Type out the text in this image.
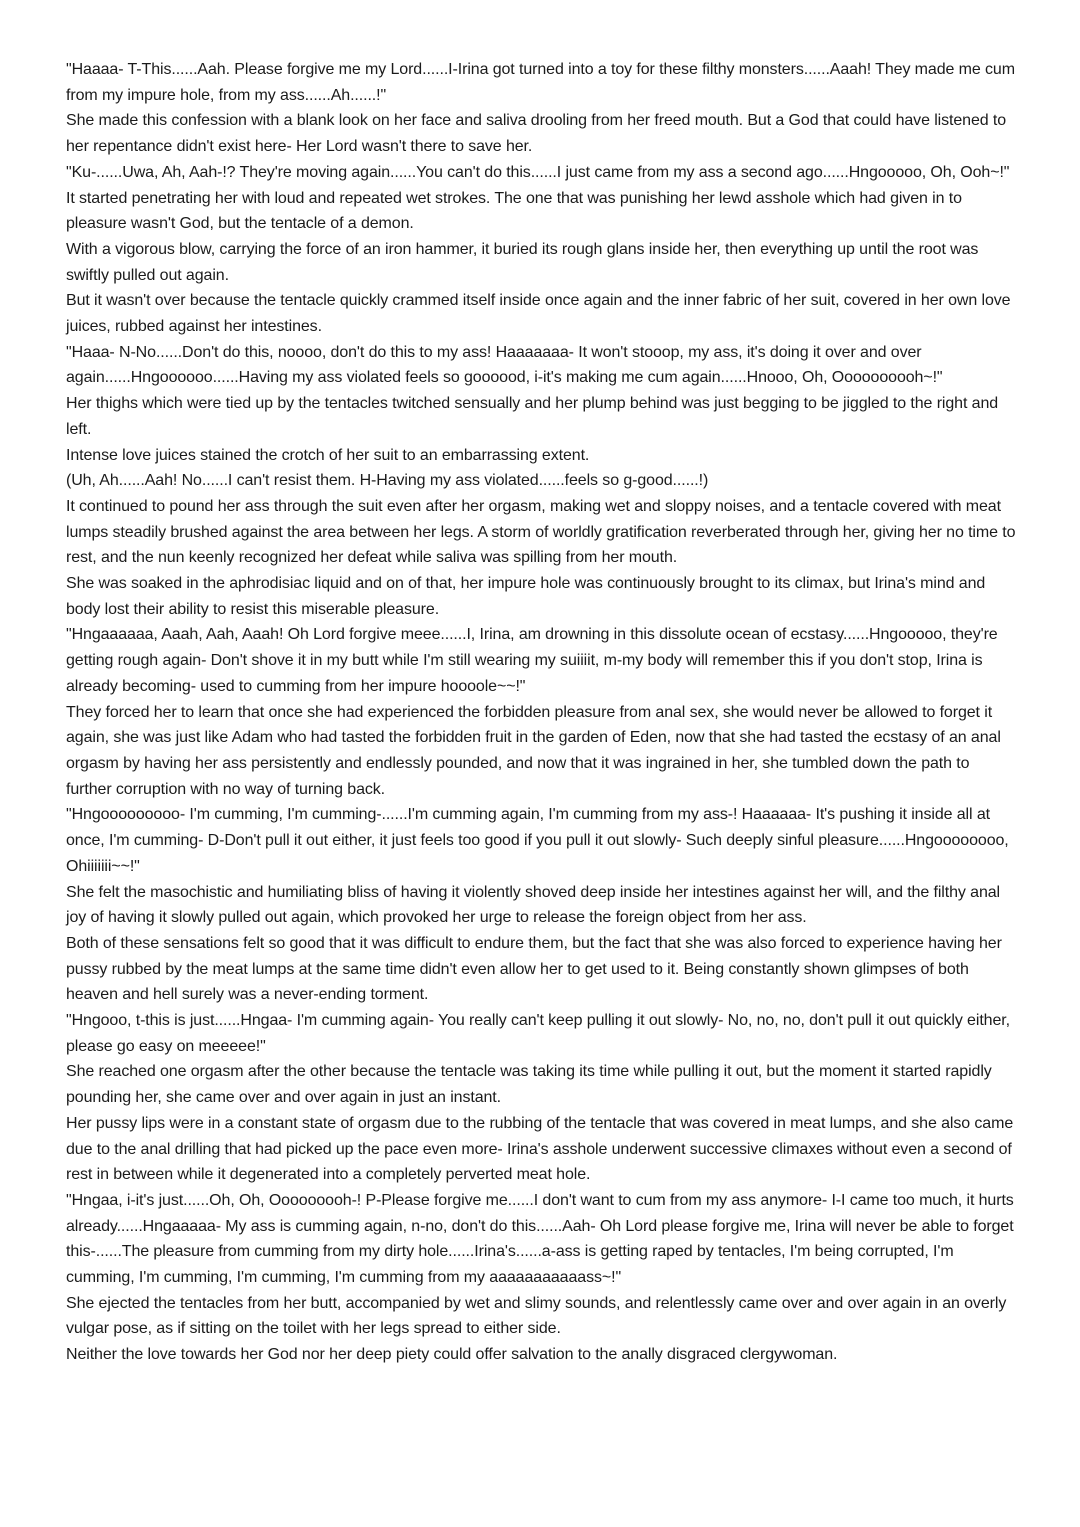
"Haaaa- T-This......Aah. Please forgive me my Lord......I-Irina got turned into a toy for these filthy monsters......Aaah! They made me cum from my impure hole, from my ass......Ah......!"

She made this confession with a blank look on her face and saliva drooling from her freed mouth. But a God that could have listened to her repentance didn't exist here- Her Lord wasn't there to save her.

"Ku-......Uwa, Ah, Aah-!? They're moving again......You can't do this......I just came from my ass a second ago......Hngooooo, Oh, Ooh~!"

It started penetrating her with loud and repeated wet strokes. The one that was punishing her lewd asshole which had given in to pleasure wasn't God, but the tentacle of a demon.

With a vigorous blow, carrying the force of an iron hammer, it buried its rough glans inside her, then everything up until the root was swiftly pulled out again.

But it wasn't over because the tentacle quickly crammed itself inside once again and the inner fabric of her suit, covered in her own love juices, rubbed against her intestines.

"Haaa- N-No......Don't do this, noooo, don't do this to my ass! Haaaaaaa- It won't stooop, my ass, it's doing it over and over again......Hngoooooo......Having my ass violated feels so goooood, i-it's making me cum again......Hnooo, Oh, Oooooooooh~!"

Her thighs which were tied up by the tentacles twitched sensually and her plump behind was just begging to be jiggled to the right and left.

Intense love juices stained the crotch of her suit to an embarrassing extent.

(Uh, Ah......Aah! No......I can't resist them. H-Having my ass violated......feels so g-good......!)

It continued to pound her ass through the suit even after her orgasm, making wet and sloppy noises, and a tentacle covered with meat lumps steadily brushed against the area between her legs. A storm of worldly gratification reverberated through her, giving her no time to rest, and the nun keenly recognized her defeat while saliva was spilling from her mouth.

She was soaked in the aphrodisiac liquid and on of that, her impure hole was continuously brought to its climax, but Irina's mind and body lost their ability to resist this miserable pleasure.

"Hngaaaaaa, Aaah, Aah, Aaah! Oh Lord forgive meee......I, Irina, am drowning in this dissolute ocean of ecstasy......Hngooooo, they're getting rough again- Don't shove it in my butt while I'm still wearing my suiiiit, m-my body will remember this if you don't stop, Irina is already becoming- used to cumming from her impure hoooole~~!"

They forced her to learn that once she had experienced the forbidden pleasure from anal sex, she would never be allowed to forget it again, she was just like Adam who had tasted the forbidden fruit in the garden of Eden, now that she had tasted the ecstasy of an anal orgasm by having her ass persistently and endlessly pounded, and now that it was ingrained in her, she tumbled down the path to further corruption with no way of turning back.

"Hngooooooooo- I'm cumming, I'm cumming-......I'm cumming again, I'm cumming from my ass-! Haaaaaa- It's pushing it inside all at once, I'm cumming- D-Don't pull it out either, it just feels too good if you pull it out slowly- Such deeply sinful pleasure......Hngoooooooo, Ohiiiiiii~~!"

She felt the masochistic and humiliating bliss of having it violently shoved deep inside her intestines against her will, and the filthy anal joy of having it slowly pulled out again, which provoked her urge to release the foreign object from her ass.

Both of these sensations felt so good that it was difficult to endure them, but the fact that she was also forced to experience having her pussy rubbed by the meat lumps at the same time didn't even allow her to get used to it. Being constantly shown glimpses of both heaven and hell surely was a never-ending torment.

"Hngooo, t-this is just......Hngaa- I'm cumming again- You really can't keep pulling it out slowly- No, no, no, don't pull it out quickly either, please go easy on meeeee!"

She reached one orgasm after the other because the tentacle was taking its time while pulling it out, but the moment it started rapidly pounding her, she came over and over again in just an instant.

Her pussy lips were in a constant state of orgasm due to the rubbing of the tentacle that was covered in meat lumps, and she also came due to the anal drilling that had picked up the pace even more- Irina's asshole underwent successive climaxes without even a second of rest in between while it degenerated into a completely perverted meat hole.

"Hngaa, i-it's just......Oh, Oh, Ooooooooh-! P-Please forgive me......I don't want to cum from my ass anymore- I-I came too much, it hurts already......Hngaaaaa- My ass is cumming again, n-no, don't do this......Aah- Oh Lord please forgive me, Irina will never be able to forget this-......The pleasure from cumming from my dirty hole......Irina's......a-ass is getting raped by tentacles, I'm being corrupted, I'm cumming, I'm cumming, I'm cumming, I'm cumming from my aaaaaaaaaaass~!"

She ejected the tentacles from her butt, accompanied by wet and slimy sounds, and relentlessly came over and over again in an overly vulgar pose, as if sitting on the toilet with her legs spread to either side.

Neither the love towards her God nor her deep piety could offer salvation to the anally disgraced clergywoman.
